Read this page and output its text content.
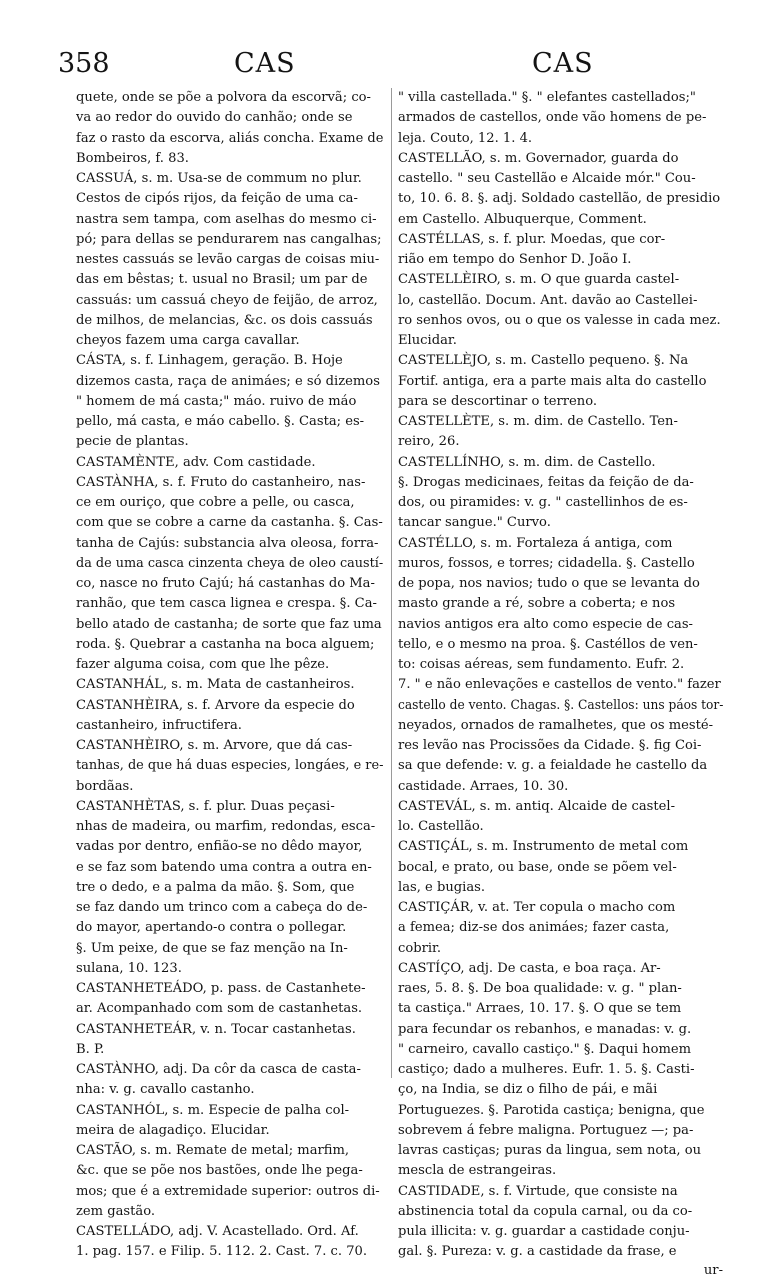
358	CAS	CAS
quete, onde se põe a polvora da escorvã; co-
va ao redor do ouvido do canhão; onde se
faz o rasto da escorva, aliás concha. Exame de
Bombeiros, f. 83.
CASSUÁ, s. m. Usa-se de commum no plur.
Cestos de cipós rijos, da feição de uma ca-
nastra sem tampa, com aselhas do mesmo ci-
pó; para dellas se pendurarem nas cangalhas;
nestes cassuás se levão cargas de coisas miu-
das em bêstas; t. usual no Brasil; um par de
cassuás: um cassuá cheyo de feijão, de arroz,
de milhos, de melancias, &c. os dois cassuás
cheyos fazem uma carga cavallar.
CÁSTA, s. f. Linhagem, geração. B. Hoje
dizemos casta, raça de animáes; e só dizemos
" homem de má casta;" máo. ruivo de máo
pello, má casta, e máo cabello. §. Casta; es-
pecie de plantas.
CASTAMÈNTE, adv. Com castidade.
CASTÀNHA, s. f. Fruto do castanheiro, nas-
ce em ouriço, que cobre a pelle, ou casca,
com que se cobre a carne da castanha. §. Cas-
tanha de Cajús: substancia alva oleosa, forra-
da de uma casca cinzenta cheya de oleo caustí-
co, nasce no fruto Cajú; há castanhas do Ma-
ranhão, que tem casca lignea e crespa. §. Ca-
bello atado de castanha; de sorte que faz uma
roda. §. Quebrar a castanha na boca alguem;
fazer alguma coisa, com que lhe pêze.
CASTANHÁL, s. m. Mata de castanheiros.
CASTANHÈIRA, s. f. Arvore da especie do
castanheiro, infructifera.
CASTANHÈIRO, s. m. Arvore, que dá cas-
tanhas, de que há duas especies, longáes, e re-
bordãas.
CASTANHÈTAS, s. f. plur. Duas peçasi-
nhas de madeira, ou marfim, redondas, esca-
vadas por dentro, enfião-se no dêdo mayor,
e se faz som batendo uma contra a outra en-
tre o dedo, e a palma da mão. §. Som, que
se faz dando um trinco com a cabeça do de-
do mayor, apertando-o contra o pollegar.
§. Um peixe, de que se faz menção na In-
sulana, 10. 123.
CASTANHETEÁDO, p. pass. de Castanhete-
ar. Acompanhado com som de castanhetas.
CASTANHETEÁR, v. n. Tocar castanhetas.
B. P.
CASTÀNHO, adj. Da côr da casca de casta-
nha: v. g. cavallo castanho.
CASTANHÓL, s. m. Especie de palha col-
meira de alagadiço. Elucidar.
CASTÃO, s. m. Remate de metal; marfim,
&c. que se põe nos bastões, onde lhe pega-
mos; que é a extremidade superior: outros di-
zem gastão.
CASTELLÁDO, adj. V. Acastellado. Ord. Af.
1. pag. 157. e Filip. 5. 112. 2. Cast. 7. c. 70.
" villa castellada." §. " elefantes castellados;"
armados de castellos, onde vão homens de pe-
leja. Couto, 12. 1. 4.
CASTELLÃO, s. m. Governador, guarda do
castello. " seu Castellão e Alcaide mór." Cou-
to, 10. 6. 8. §. adj. Soldado castellão, de presidio
em Castello. Albuquerque, Comment.
CASTÉLLAS, s. f. plur. Moedas, que cor-
rião em tempo do Senhor D. João I.
CASTELLÈIRO, s. m. O que guarda castel-
lo, castellão. Docum. Ant. davão ao Castellei-
ro senhos ovos, ou o que os valesse in cada mez.
Elucidar.
CASTELLÈJO, s. m. Castello pequeno. §. Na
Fortif. antiga, era a parte mais alta do castello
para se descortinar o terreno.
CASTELLÈTE, s. m. dim. de Castello. Ten-
reiro, 26.
CASTELLÍNHO, s. m. dim. de Castello.
§. Drogas medicinaes, feitas da feição de da-
dos, ou piramides: v. g. " castellinhos de es-
tancar sangue." Curvo.
CASTÉLLO, s. m. Fortaleza á antiga, com
muros, fossos, e torres; cidadella. §. Castello
de popa, nos navios; tudo o que se levanta do
masto grande a ré, sobre a coberta; e nos
navios antigos era alto como especie de cas-
tello, e o mesmo na proa. §. Castéllos de ven-
to: coisas aéreas, sem fundamento. Eufr. 2.
7. " e não enlevações e castellos de vento." fazer
castello de vento. Chagas. §. Castellos: uns páos tor-
neyados, ornados de ramalhetes, que os mesté-
res levão nas Procissões da Cidade. §. fig Coi-
sa que defende: v. g. a feialdade he castello da
castidade. Arraes, 10. 30.
CASTEVÁL, s. m. antiq. Alcaide de castel-
lo. Castellão.
CASTIÇÁL, s. m. Instrumento de metal com
bocal, e prato, ou base, onde se põem vel-
las, e bugias.
CASTIÇÁR, v. at. Ter copula o macho com
a femea; diz-se dos animáes; fazer casta,
cobrir.
CASTÍÇO, adj. De casta, e boa raça. Ar-
raes, 5. 8. §. De boa qualidade: v. g. " plan-
ta castiça." Arraes, 10. 17. §. O que se tem
para fecundar os rebanhos, e manadas: v. g.
" carneiro, cavallo castiço." §. Daqui homem
castiço; dado a mulheres. Eufr. 1. 5. §. Casti-
ço, na India, se diz o filho de pái, e mãi
Portuguezes. §. Parotida castiça; benigna, que
sobrevem á febre maligna. Portuguez —; pa-
lavras castiças; puras da lingua, sem nota, ou
mescla de estrangeiras.
CASTIDADE, s. f. Virtude, que consiste na
abstinencia total da copula carnal, ou da co-
pula illicita: v. g. guardar a castidade conju-
gal. §. Pureza: v. g. a castidade da frase, e
ur-
